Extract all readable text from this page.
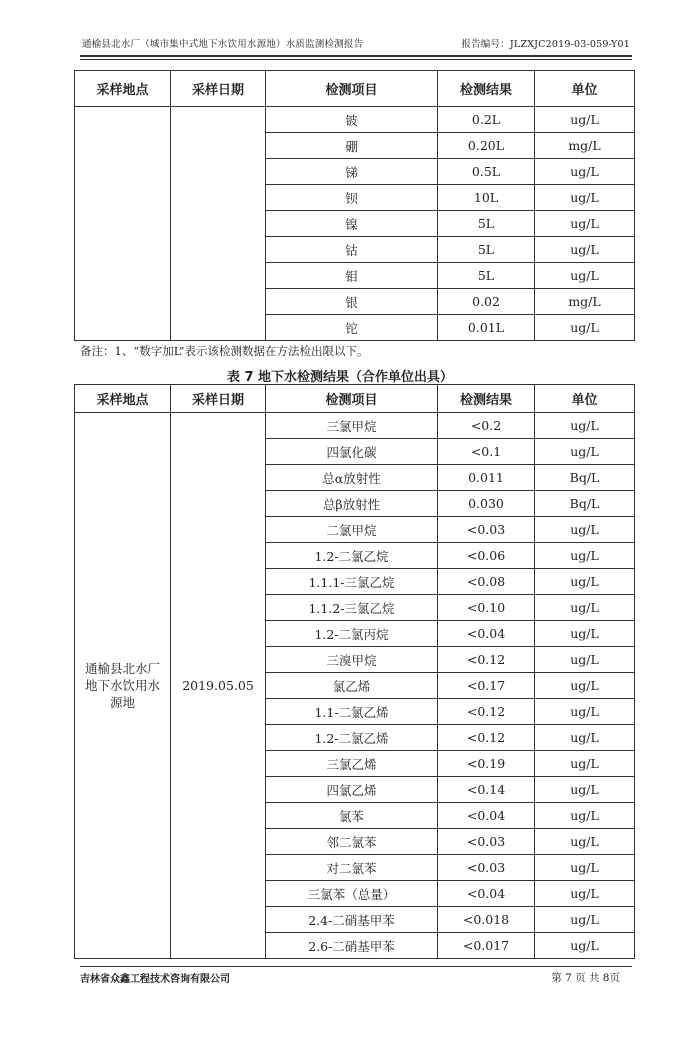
通榆县北水厂（城市集中式地下水饮用水源地）水质监测检测报告	报告编号：JLZXJC2019-03-059-Y01
采样地点	采样日期	检测项目	检测结果	单位
		铍	0.2L	ug/L
		硼	0.20L	mg/L
		锑	0.5L	ug/L
		钡	10L	ug/L
		镍	5L	ug/L
		钴	5L	ug/L
		钼	5L	ug/L
		银	0.02	mg/L
		铊	0.01L	ug/L
备注：1、“数字加L”表示该检测数据在方法检出限以下。
表 7 地下水检测结果（合作单位出具）
采样地点	采样日期	检测项目	检测结果	单位
通榆县北水厂地下水饮用水源地	2019.05.05	三氯甲烷	<0.2	ug/L
		四氯化碳	<0.1	ug/L
		总α放射性	0.011	Bq/L
		总β放射性	0.030	Bq/L
		二氯甲烷	<0.03	ug/L
		1.2-二氯乙烷	<0.06	ug/L
		1.1.1-三氯乙烷	<0.08	ug/L
		1.1.2-三氯乙烷	<0.10	ug/L
		1.2-二氯丙烷	<0.04	ug/L
		三溴甲烷	<0.12	ug/L
		氯乙烯	<0.17	ug/L
		1.1-二氯乙烯	<0.12	ug/L
		1.2-二氯乙烯	<0.12	ug/L
		三氯乙烯	<0.19	ug/L
		四氯乙烯	<0.14	ug/L
		氯苯	<0.04	ug/L
		邻二氯苯	<0.03	ug/L
		对二氯苯	<0.03	ug/L
		三氯苯（总量）	<0.04	ug/L
		2.4-二硝基甲苯	<0.018	ug/L
		2.6-二硝基甲苯	<0.017	ug/L
吉林省众鑫工程技术咨询有限公司	第 7 页 共 8页
